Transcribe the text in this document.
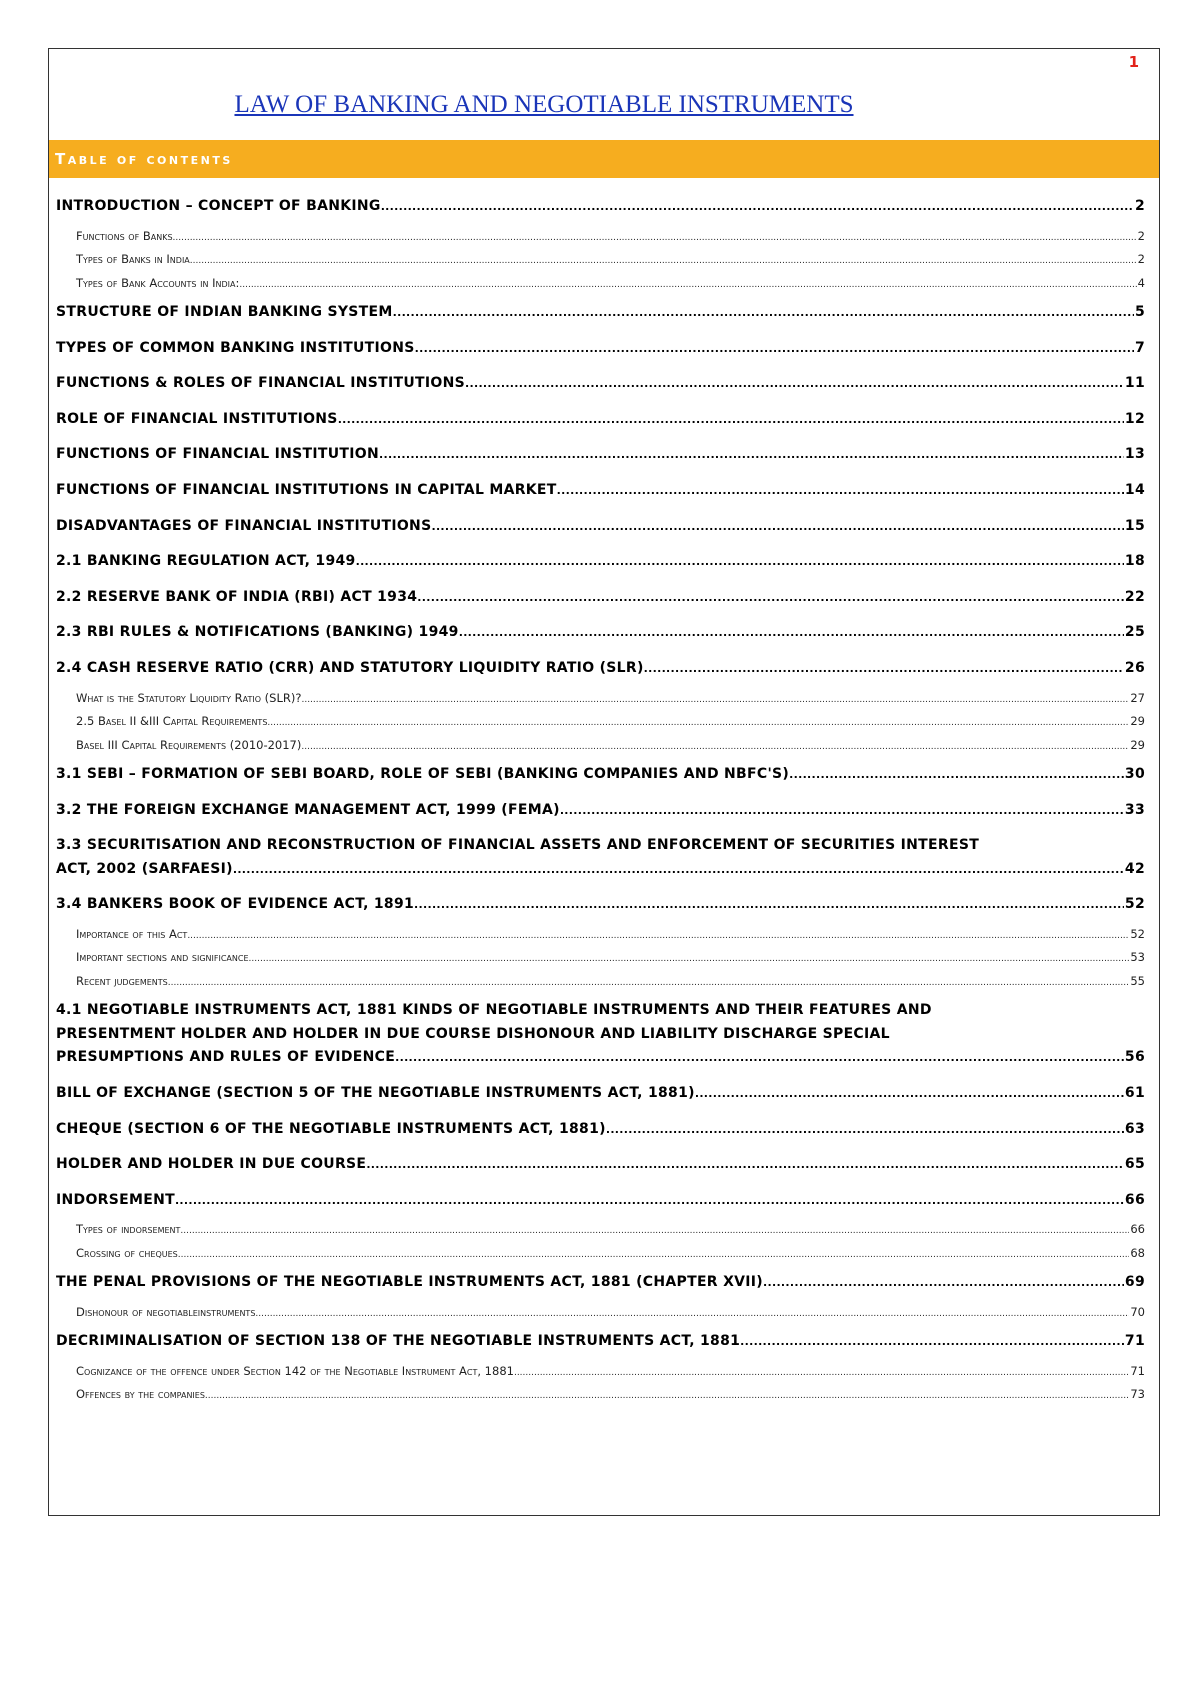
1
LAW OF BANKING AND NEGOTIABLE INSTRUMENTS
Table of contents
INTRODUCTION – CONCEPT OF BANKING .....	2
Functions of Banks .....	2
Types of Banks in India .....	2
Types of Bank Accounts in India: .....	4
STRUCTURE OF INDIAN BANKING SYSTEM .....	5
TYPES OF COMMON BANKING INSTITUTIONS .....	7
FUNCTIONS & ROLES OF FINANCIAL INSTITUTIONS .....	11
ROLE OF FINANCIAL INSTITUTIONS .....	12
FUNCTIONS OF FINANCIAL INSTITUTION .....	13
FUNCTIONS OF FINANCIAL INSTITUTIONS IN CAPITAL MARKET .....	14
DISADVANTAGES OF FINANCIAL INSTITUTIONS .....	15
2.1 BANKING REGULATION ACT, 1949 .....	18
2.2 RESERVE BANK OF INDIA (RBI) ACT 1934 .....	22
2.3 RBI RULES & NOTIFICATIONS (BANKING) 1949 .....	25
2.4 CASH RESERVE RATIO (CRR) AND STATUTORY LIQUIDITY RATIO (SLR) .....	26
What is the Statutory Liquidity Ratio (SLR)? .....	27
2.5 Basel II &III Capital Requirements .....	29
Basel III Capital Requirements (2010-2017) .....	29
3.1 SEBI – FORMATION OF SEBI BOARD, ROLE OF SEBI (BANKING COMPANIES AND NBFC'S) .....	30
3.2 THE FOREIGN EXCHANGE MANAGEMENT ACT, 1999 (FEMA) .....	33
3.3 SECURITISATION AND RECONSTRUCTION OF FINANCIAL ASSETS AND ENFORCEMENT OF SECURITIES INTEREST
ACT, 2002 (SARFAESI) .....	42
3.4 BANKERS BOOK OF EVIDENCE ACT, 1891 .....	52
Importance of this Act .....	52
Important sections and significance .....	53
Recent judgements .....	55
4.1 NEGOTIABLE INSTRUMENTS ACT, 1881 KINDS OF NEGOTIABLE INSTRUMENTS AND THEIR FEATURES AND
PRESENTMENT HOLDER AND HOLDER IN DUE COURSE DISHONOUR AND LIABILITY DISCHARGE SPECIAL
PRESUMPTIONS AND RULES OF EVIDENCE .....	56
BILL OF EXCHANGE (SECTION 5 OF THE NEGOTIABLE INSTRUMENTS ACT, 1881) .....	61
CHEQUE (SECTION 6 OF THE NEGOTIABLE INSTRUMENTS ACT, 1881) .....	63
HOLDER AND HOLDER IN DUE COURSE .....	65
INDORSEMENT .....	66
Types of indorsement .....	66
Crossing of cheques .....	68
THE PENAL PROVISIONS OF THE NEGOTIABLE INSTRUMENTS ACT, 1881 (CHAPTER XVII) .....	69
Dishonour of negotiableinstruments .....	70
DECRIMINALISATION OF SECTION 138 OF THE NEGOTIABLE INSTRUMENTS ACT, 1881 .....	71
Cognizance of the offence under Section 142 of the Negotiable Instrument Act, 1881 .....	71
Offences by the companies .....	73
